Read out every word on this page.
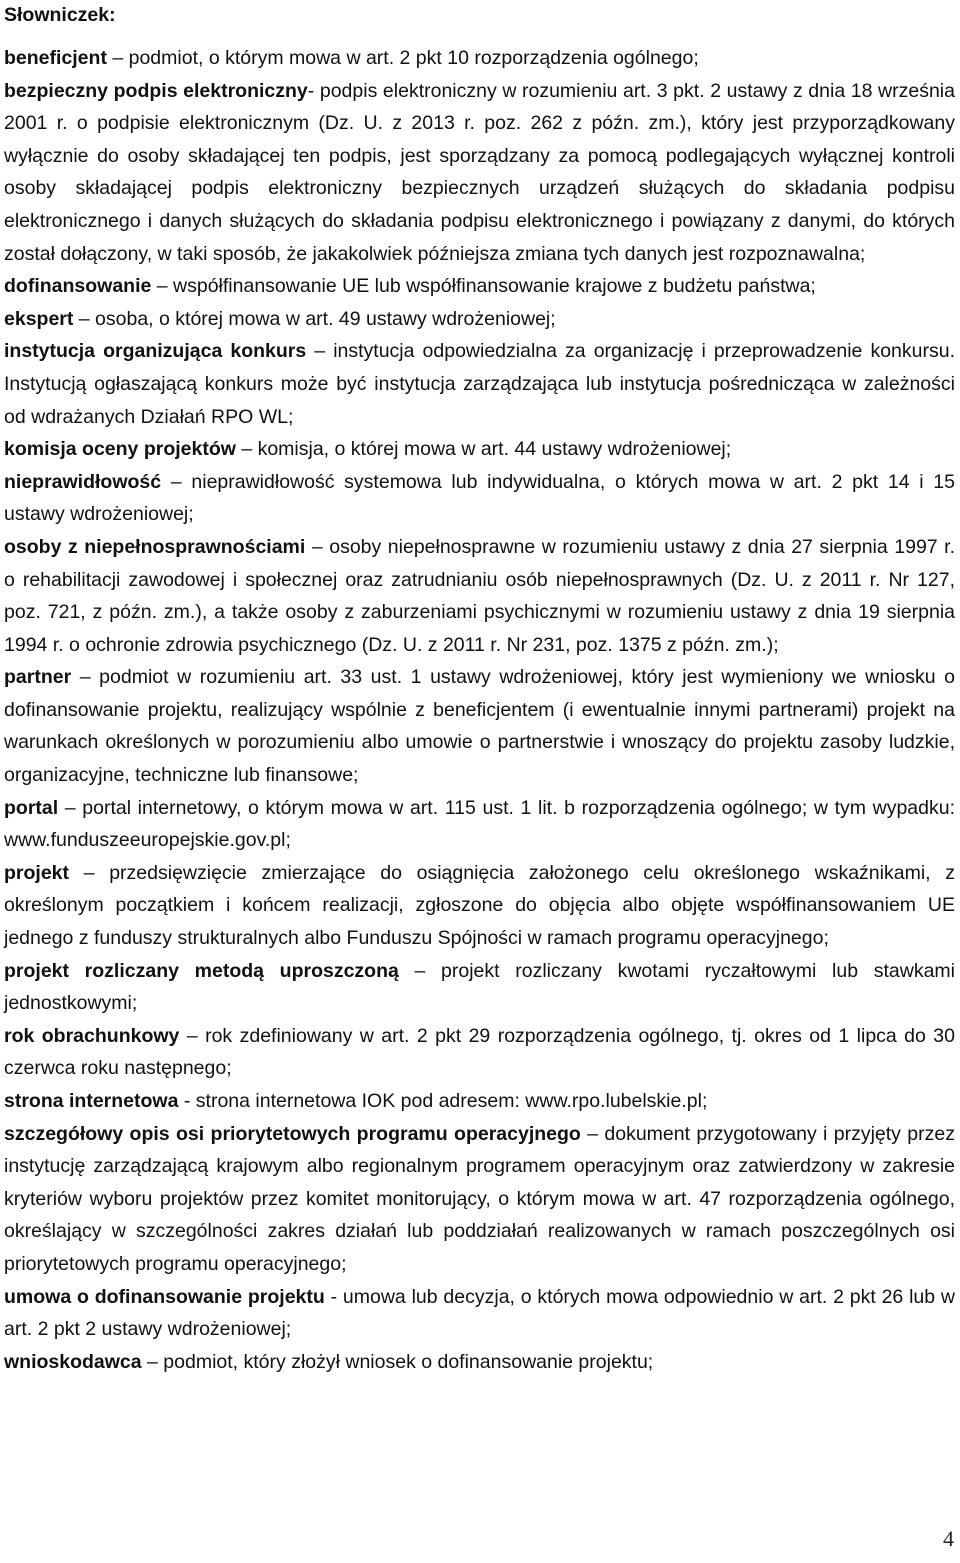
Słowniczek:

beneficjent – podmiot, o którym mowa w art. 2 pkt 10 rozporządzenia ogólnego;

bezpieczny podpis elektroniczny- podpis elektroniczny w rozumieniu art. 3 pkt. 2 ustawy z dnia 18 września 2001 r. o podpisie elektronicznym (Dz. U. z 2013 r. poz. 262 z późn. zm.), który jest przyporządkowany wyłącznie do osoby składającej ten podpis, jest sporządzany za pomocą podlegających wyłącznej kontroli osoby składającej podpis elektroniczny bezpiecznych urządzeń służących do składania podpisu elektronicznego i danych służących do składania podpisu elektronicznego i powiązany z danymi, do których został dołączony, w taki sposób, że jakakolwiek późniejsza zmiana tych danych jest rozpoznawalna;

dofinansowanie – współfinansowanie UE lub współfinansowanie krajowe z budżetu państwa;

ekspert – osoba, o której mowa w art. 49 ustawy wdrożeniowej;

instytucja organizująca konkurs – instytucja odpowiedzialna za organizację i przeprowadzenie konkursu. Instytucją ogłaszającą konkurs może być instytucja zarządzająca lub instytucja pośrednicząca w zależności od wdrażanych Działań RPO WL;

komisja oceny projektów – komisja, o której mowa w art. 44 ustawy wdrożeniowej;

nieprawidłowość – nieprawidłowość systemowa lub indywidualna, o których mowa w art. 2 pkt 14 i 15 ustawy wdrożeniowej;

osoby z niepełnosprawnościami – osoby niepełnosprawne w rozumieniu ustawy z dnia 27 sierpnia 1997 r. o rehabilitacji zawodowej i społecznej oraz zatrudnianiu osób niepełnosprawnych (Dz. U. z 2011 r. Nr 127, poz. 721, z późn. zm.), a także osoby z zaburzeniami psychicznymi w rozumieniu ustawy z dnia 19 sierpnia 1994 r. o ochronie zdrowia psychicznego (Dz. U. z 2011 r. Nr 231, poz. 1375 z późn. zm.);

partner – podmiot w rozumieniu art. 33 ust. 1 ustawy wdrożeniowej, który jest wymieniony we wniosku o dofinansowanie projektu, realizujący wspólnie z beneficjentem (i ewentualnie innymi partnerami) projekt na warunkach określonych w porozumieniu albo umowie o partnerstwie i wnoszący do projektu zasoby ludzkie, organizacyjne, techniczne lub finansowe;

portal – portal internetowy, o którym mowa w art. 115 ust. 1 lit. b rozporządzenia ogólnego; w tym wypadku: www.funduszeeuropejskie.gov.pl;

projekt – przedsięwzięcie zmierzające do osiągnięcia założonego celu określonego wskaźnikami, z określonym początkiem i końcem realizacji, zgłoszone do objęcia albo objęte współfinansowaniem UE jednego z funduszy strukturalnych albo Funduszu Spójności w ramach programu operacyjnego;

projekt rozliczany metodą uproszczoną – projekt rozliczany kwotami ryczałtowymi lub stawkami jednostkowymi;

rok obrachunkowy – rok zdefiniowany w art. 2 pkt 29 rozporządzenia ogólnego, tj. okres od 1 lipca do 30 czerwca roku następnego;

strona internetowa - strona internetowa IOK pod adresem: www.rpo.lubelskie.pl;

szczegółowy opis osi priorytetowych programu operacyjnego – dokument przygotowany i przyjęty przez instytucję zarządzającą krajowym albo regionalnym programem operacyjnym oraz zatwierdzony w zakresie kryteriów wyboru projektów przez komitet monitorujący, o którym mowa w art. 47 rozporządzenia ogólnego, określający w szczególności zakres działań lub poddziałań realizowanych w ramach poszczególnych osi priorytetowych programu operacyjnego;

umowa o dofinansowanie projektu - umowa lub decyzja, o których mowa odpowiednio w art. 2 pkt 26 lub w art. 2 pkt 2 ustawy wdrożeniowej;

wnioskodawca – podmiot, który złożył wniosek o dofinansowanie projektu;

4
